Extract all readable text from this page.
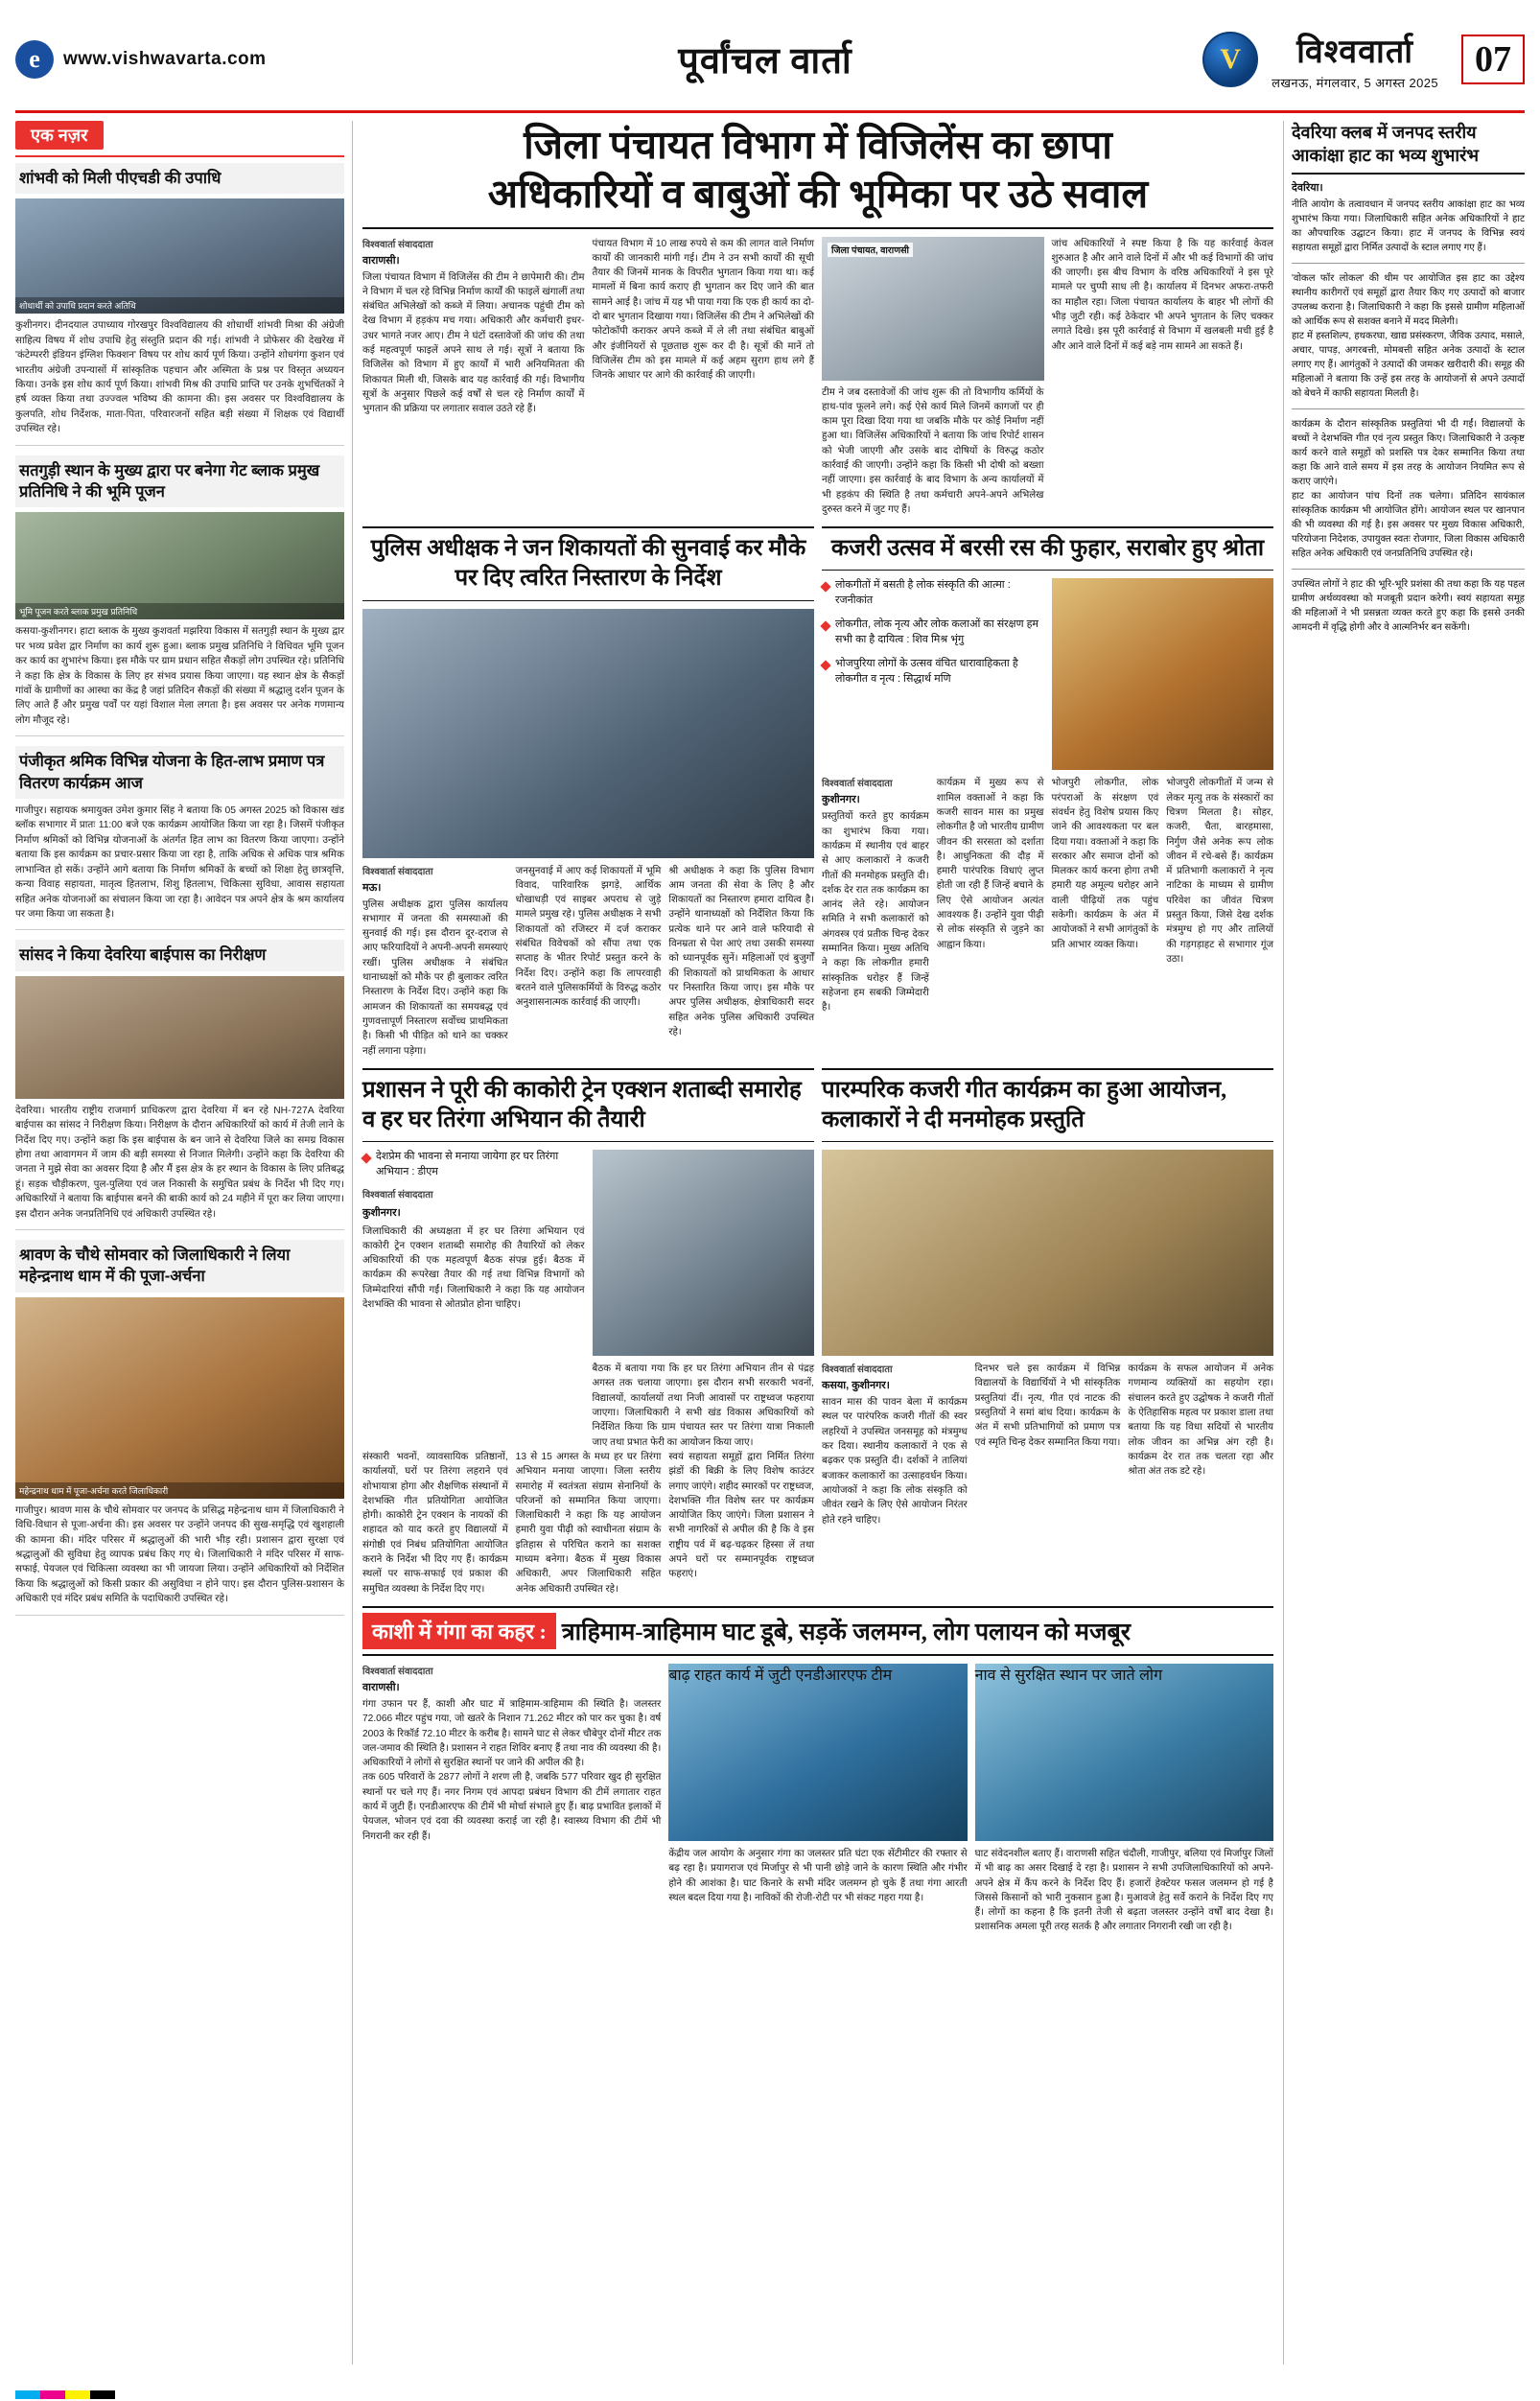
e	www.vishwavarta.com	पूर्वांचल वार्ता	V	विश्ववार्ता
लखनऊ, मंगलवार, 5 अगस्त 2025
07
एक नज़र
शांभवी को मिली पीएचडी की उपाधि
शोधार्थी को उपाधि प्रदान करते अतिथि
कुशीनगर। दीनदयाल उपाध्याय गोरखपुर विश्वविद्यालय की शोधार्थी शांभवी मिश्रा की अंग्रेजी साहित्य विषय में शोध उपाधि हेतु संस्तुति प्रदान की गई। शांभवी ने प्रोफेसर की देखरेख में 'कंटेम्पररी इंडियन इंग्लिश फिक्शन' विषय पर शोध कार्य पूर्ण किया। उन्होंने शोधगंगा कुशन एवं भारतीय अंग्रेजी उपन्यासों में सांस्कृतिक पहचान और अस्मिता के प्रश्न पर विस्तृत अध्ययन किया। उनके इस शोध कार्य पूर्ण किया। शांभवी मिश्र की उपाधि प्राप्ति पर उनके शुभचिंतकों ने हर्ष व्यक्त किया तथा उज्ज्वल भविष्य की कामना की। इस अवसर पर विश्वविद्यालय के कुलपति, शोध निर्देशक, माता-पिता, परिवारजनों सहित बड़ी संख्या में शिक्षक एवं विद्यार्थी उपस्थित रहे।
सतगुड़ी स्थान के मुख्य द्वारा पर बनेगा गेट ब्लाक प्रमुख प्रतिनिधि ने की भूमि पूजन
भूमि पूजन करते ब्लाक प्रमुख प्रतिनिधि
कसया-कुशीनगर। हाटा ब्लाक के मुख्य कुशवर्ता मझरिया विकास में सतगुड़ी स्थान के मुख्य द्वार पर भव्य प्रवेश द्वार निर्माण का कार्य शुरू हुआ। ब्लाक प्रमुख प्रतिनिधि ने विधिवत भूमि पूजन कर कार्य का शुभारंभ किया। इस मौके पर ग्राम प्रधान सहित सैकड़ों लोग उपस्थित रहे। प्रतिनिधि ने कहा कि क्षेत्र के विकास के लिए हर संभव प्रयास किया जाएगा। यह स्थान क्षेत्र के सैकड़ों गांवों के ग्रामीणों का आस्था का केंद्र है जहां प्रतिदिन सैकड़ों की संख्या में श्रद्धालु दर्शन पूजन के लिए आते हैं और प्रमुख पर्वों पर यहां विशाल मेला लगता है। इस अवसर पर अनेक गणमान्य लोग मौजूद रहे।
पंजीकृत श्रमिक विभिन्न योजना के हित-लाभ प्रमाण पत्र वितरण कार्यक्रम आज
गाजीपुर। सहायक श्रमायुक्त उमेश कुमार सिंह ने बताया कि 05 अगस्त 2025 को विकास खंड ब्लॉक सभागार में प्रातः 11:00 बजे एक कार्यक्रम आयोजित किया जा रहा है। जिसमें पंजीकृत निर्माण श्रमिकों को विभिन्न योजनाओं के अंतर्गत हित लाभ का वितरण किया जाएगा। उन्होंने बताया कि इस कार्यक्रम का प्रचार-प्रसार किया जा रहा है, ताकि अधिक से अधिक पात्र श्रमिक लाभान्वित हो सकें। उन्होंने आगे बताया कि निर्माण श्रमिकों के बच्चों को शिक्षा हेतु छात्रवृत्ति, कन्या विवाह सहायता, मातृत्व हितलाभ, शिशु हितलाभ, चिकित्सा सुविधा, आवास सहायता सहित अनेक योजनाओं का संचालन किया जा रहा है। आवेदन पत्र अपने क्षेत्र के श्रम कार्यालय पर जमा किया जा सकता है।
सांसद ने किया देवरिया बाईपास का निरीक्षण
देवरिया। भारतीय राष्ट्रीय राजमार्ग प्राधिकरण द्वारा देवरिया में बन रहे NH-727A देवरिया बाईपास का सांसद ने निरीक्षण किया। निरीक्षण के दौरान अधिकारियों को कार्य में तेजी लाने के निर्देश दिए गए। उन्होंने कहा कि इस बाईपास के बन जाने से देवरिया जिले का समग्र विकास होगा तथा आवागमन में जाम की बड़ी समस्या से निजात मिलेगी। उन्होंने कहा कि देवरिया की जनता ने मुझे सेवा का अवसर दिया है और मैं इस क्षेत्र के हर स्थान के विकास के लिए प्रतिबद्ध हूं। सड़क चौड़ीकरण, पुल-पुलिया एवं जल निकासी के समुचित प्रबंध के निर्देश भी दिए गए। अधिकारियों ने बताया कि बाईपास बनने की बाकी कार्य को 24 महीने में पूरा कर लिया जाएगा। इस दौरान अनेक जनप्रतिनिधि एवं अधिकारी उपस्थित रहे।
श्रावण के चौथे सोमवार को जिलाधिकारी ने लिया महेन्द्रनाथ धाम में की पूजा-अर्चना
महेन्द्रनाथ धाम में पूजा-अर्चना करते जिलाधिकारी
गाजीपुर। श्रावण मास के चौथे सोमवार पर जनपद के प्रसिद्ध महेन्द्रनाथ धाम में जिलाधिकारी ने विधि-विधान से पूजा-अर्चना की। इस अवसर पर उन्होंने जनपद की सुख-समृद्धि एवं खुशहाली की कामना की। मंदिर परिसर में श्रद्धालुओं की भारी भीड़ रही। प्रशासन द्वारा सुरक्षा एवं श्रद्धालुओं की सुविधा हेतु व्यापक प्रबंध किए गए थे। जिलाधिकारी ने मंदिर परिसर में साफ-सफाई, पेयजल एवं चिकित्सा व्यवस्था का भी जायजा लिया। उन्होंने अधिकारियों को निर्देशित किया कि श्रद्धालुओं को किसी प्रकार की असुविधा न होने पाए। इस दौरान पुलिस-प्रशासन के अधिकारी एवं मंदिर प्रबंध समिति के पदाधिकारी उपस्थित रहे।
जिला पंचायत विभाग में विजिलेंस का छापा
अधिकारियों व बाबुओं की भूमिका पर उठे सवाल
विश्ववार्ता संवाददाता
वाराणसी।
जिला पंचायत विभाग में विजिलेंस की टीम ने छापेमारी की। टीम ने विभाग में चल रहे विभिन्न निर्माण कार्यों की फाइलें खंगालीं तथा संबंधित अभिलेखों को कब्जे में लिया। अचानक पहुंची टीम को देख विभाग में हड़कंप मच गया। अधिकारी और कर्मचारी इधर-उधर भागते नजर आए। टीम ने घंटों दस्तावेजों की जांच की तथा कई महत्वपूर्ण फाइलें अपने साथ ले गई। सूत्रों ने बताया कि विजिलेंस को विभाग में हुए कार्यों में भारी अनियमितता की शिकायत मिली थी, जिसके बाद यह कार्रवाई की गई। विभागीय सूत्रों के अनुसार पिछले कई वर्षों से चल रहे निर्माण कार्यों में भुगतान की प्रक्रिया पर लगातार सवाल उठते रहे हैं।
पंचायत विभाग में 10 लाख रुपये से कम की लागत वाले निर्माण कार्यों की जानकारी मांगी गई। टीम ने उन सभी कार्यों की सूची तैयार की जिनमें मानक के विपरीत भुगतान किया गया था। कई मामलों में बिना कार्य कराए ही भुगतान कर दिए जाने की बात सामने आई है। जांच में यह भी पाया गया कि एक ही कार्य का दो-दो बार भुगतान दिखाया गया। विजिलेंस की टीम ने अभिलेखों की फोटोकॉपी कराकर अपने कब्जे में ले ली तथा संबंधित बाबुओं और इंजीनियरों से पूछताछ शुरू कर दी है। सूत्रों की मानें तो विजिलेंस टीम को इस मामले में कई अहम सुराग हाथ लगे हैं जिनके आधार पर आगे की कार्रवाई की जाएगी।
जिला पंचायत, वाराणसी
टीम ने जब दस्तावेजों की जांच शुरू की तो विभागीय कर्मियों के हाथ-पांव फूलने लगे। कई ऐसे कार्य मिले जिनमें कागजों पर ही काम पूरा दिखा दिया गया था जबकि मौके पर कोई निर्माण नहीं हुआ था। विजिलेंस अधिकारियों ने बताया कि जांच रिपोर्ट शासन को भेजी जाएगी और उसके बाद दोषियों के विरुद्ध कठोर कार्रवाई की जाएगी। उन्होंने कहा कि किसी भी दोषी को बख्शा नहीं जाएगा। इस कार्रवाई के बाद विभाग के अन्य कार्यालयों में भी हड़कंप की स्थिति है तथा कर्मचारी अपने-अपने अभिलेख दुरुस्त करने में जुट गए हैं।
जांच अधिकारियों ने स्पष्ट किया है कि यह कार्रवाई केवल शुरुआत है और आने वाले दिनों में और भी कई विभागों की जांच की जाएगी। इस बीच विभाग के वरिष्ठ अधिकारियों ने इस पूरे मामले पर चुप्पी साध ली है। कार्यालय में दिनभर अफरा-तफरी का माहौल रहा। जिला पंचायत कार्यालय के बाहर भी लोगों की भीड़ जुटी रही। कई ठेकेदार भी अपने भुगतान के लिए चक्कर लगाते दिखे। इस पूरी कार्रवाई से विभाग में खलबली मची हुई है और आने वाले दिनों में कई बड़े नाम सामने आ सकते हैं।
पुलिस अधीक्षक ने जन शिकायतों की सुनवाई कर मौके पर दिए त्वरित निस्तारण के निर्देश
विश्ववार्ता संवाददाता
मऊ।
पुलिस अधीक्षक द्वारा पुलिस कार्यालय सभागार में जनता की समस्याओं की सुनवाई की गई। इस दौरान दूर-दराज से आए फरियादियों ने अपनी-अपनी समस्याएं रखीं। पुलिस अधीक्षक ने संबंधित थानाध्यक्षों को मौके पर ही बुलाकर त्वरित निस्तारण के निर्देश दिए। उन्होंने कहा कि आमजन की शिकायतों का समयबद्ध एवं गुणवत्तापूर्ण निस्तारण सर्वोच्च प्राथमिकता है। किसी भी पीड़ित को थाने का चक्कर नहीं लगाना पड़ेगा।
जनसुनवाई में आए कई शिकायतों में भूमि विवाद, पारिवारिक झगड़े, आर्थिक धोखाधड़ी एवं साइबर अपराध से जुड़े मामले प्रमुख रहे। पुलिस अधीक्षक ने सभी शिकायतों को रजिस्टर में दर्ज कराकर संबंधित विवेचकों को सौंपा तथा एक सप्ताह के भीतर रिपोर्ट प्रस्तुत करने के निर्देश दिए। उन्होंने कहा कि लापरवाही बरतने वाले पुलिसकर्मियों के विरुद्ध कठोर अनुशासनात्मक कार्रवाई की जाएगी।
श्री अधीक्षक ने कहा कि पुलिस विभाग आम जनता की सेवा के लिए है और शिकायतों का निस्तारण हमारा दायित्व है। उन्होंने थानाध्यक्षों को निर्देशित किया कि प्रत्येक थाने पर आने वाले फरियादी से विनम्रता से पेश आएं तथा उसकी समस्या को ध्यानपूर्वक सुनें। महिलाओं एवं बुजुर्गों की शिकायतों को प्राथमिकता के आधार पर निस्तारित किया जाए। इस मौके पर अपर पुलिस अधीक्षक, क्षेत्राधिकारी सदर सहित अनेक पुलिस अधिकारी उपस्थित रहे।
कजरी उत्सव में बरसी रस की फुहार, सराबोर हुए श्रोता
लोकगीतों में बसती है लोक संस्कृति की आत्मा : रजनीकांत
लोकगीत, लोक नृत्य और लोक कलाओं का संरक्षण हम सभी का है दायित्व : शिव मिश्र भृंगु
भोजपुरिया लोगों के उत्सव वंचित धारावाहिकता है लोकगीत व नृत्य : सिद्धार्थ मणि
विश्ववार्ता संवाददाता
कुशीनगर।
प्रस्तुतियों करते हुए कार्यक्रम का शुभारंभ किया गया। कार्यक्रम में स्थानीय एवं बाहर से आए कलाकारों ने कजरी गीतों की मनमोहक प्रस्तुति दी। दर्शक देर रात तक कार्यक्रम का आनंद लेते रहे। आयोजन समिति ने सभी कलाकारों को अंगवस्त्र एवं प्रतीक चिन्ह देकर सम्मानित किया। मुख्य अतिथि ने कहा कि लोकगीत हमारी सांस्कृतिक धरोहर हैं जिन्हें सहेजना हम सबकी जिम्मेदारी है।
कार्यक्रम में मुख्य रूप से शामिल वक्ताओं ने कहा कि कजरी सावन मास का प्रमुख लोकगीत है जो भारतीय ग्रामीण जीवन की सरसता को दर्शाता है। आधुनिकता की दौड़ में हमारी पारंपरिक विधाएं लुप्त होती जा रही हैं जिन्हें बचाने के लिए ऐसे आयोजन अत्यंत आवश्यक हैं। उन्होंने युवा पीढ़ी से लोक संस्कृति से जुड़ने का आह्वान किया।
भोजपुरी लोकगीत, लोक परंपराओं के संरक्षण एवं संवर्धन हेतु विशेष प्रयास किए जाने की आवश्यकता पर बल दिया गया। वक्ताओं ने कहा कि सरकार और समाज दोनों को मिलकर कार्य करना होगा तभी हमारी यह अमूल्य धरोहर आने वाली पीढ़ियों तक पहुंच सकेगी। कार्यक्रम के अंत में आयोजकों ने सभी आगंतुकों के प्रति आभार व्यक्त किया।
भोजपुरी लोकगीतों में जन्म से लेकर मृत्यु तक के संस्कारों का चित्रण मिलता है। सोहर, कजरी, चैता, बारहमासा, निर्गुण जैसे अनेक रूप लोक जीवन में रचे-बसे हैं। कार्यक्रम में प्रतिभागी कलाकारों ने नृत्य नाटिका के माध्यम से ग्रामीण परिवेश का जीवंत चित्रण प्रस्तुत किया, जिसे देख दर्शक मंत्रमुग्ध हो गए और तालियों की गड़गड़ाहट से सभागार गूंज उठा।
प्रशासन ने पूरी की काकोरी ट्रेन एक्शन शताब्दी समारोह व हर घर तिरंगा अभियान की तैयारी
देशप्रेम की भावना से मनाया जायेगा हर घर तिरंगा अभियान : डीएम
विश्ववार्ता संवाददाता
कुशीनगर।
जिलाधिकारी की अध्यक्षता में हर घर तिरंगा अभियान एवं काकोरी ट्रेन एक्शन शताब्दी समारोह की तैयारियों को लेकर अधिकारियों की एक महत्वपूर्ण बैठक संपन्न हुई। बैठक में कार्यक्रम की रूपरेखा तैयार की गई तथा विभिन्न विभागों को जिम्मेदारियां सौंपी गईं। जिलाधिकारी ने कहा कि यह आयोजन देशभक्ति की भावना से ओतप्रोत होना चाहिए।
बैठक में बताया गया कि हर घर तिरंगा अभियान तीन से पंद्रह अगस्त तक चलाया जाएगा। इस दौरान सभी सरकारी भवनों, विद्यालयों, कार्यालयों तथा निजी आवासों पर राष्ट्रध्वज फहराया जाएगा। जिलाधिकारी ने सभी खंड विकास अधिकारियों को निर्देशित किया कि ग्राम पंचायत स्तर पर तिरंगा यात्रा निकाली जाए तथा प्रभात फेरी का आयोजन किया जाए।
संस्कारी भवनों, व्यावसायिक प्रतिष्ठानों, कार्यालयों, घरों पर तिरंगा लहराने एवं शोभायात्रा होगा और शैक्षणिक संस्थानों में देशभक्ति गीत प्रतियोगिता आयोजित होगी। काकोरी ट्रेन एक्शन के नायकों की शहादत को याद करते हुए विद्यालयों में संगोष्ठी एवं निबंध प्रतियोगिता आयोजित कराने के निर्देश भी दिए गए हैं। कार्यक्रम स्थलों पर साफ-सफाई एवं प्रकाश की समुचित व्यवस्था के निर्देश दिए गए।
13 से 15 अगस्त के मध्य हर घर तिरंगा अभियान मनाया जाएगा। जिला स्तरीय समारोह में स्वतंत्रता संग्राम सेनानियों के परिजनों को सम्मानित किया जाएगा। जिलाधिकारी ने कहा कि यह आयोजन हमारी युवा पीढ़ी को स्वाधीनता संग्राम के इतिहास से परिचित कराने का सशक्त माध्यम बनेगा। बैठक में मुख्य विकास अधिकारी, अपर जिलाधिकारी सहित अनेक अधिकारी उपस्थित रहे।
स्वयं सहायता समूहों द्वारा निर्मित तिरंगा झंडों की बिक्री के लिए विशेष काउंटर लगाए जाएंगे। शहीद स्मारकों पर राष्ट्रध्वज, देशभक्ति गीत विशेष स्तर पर कार्यक्रम आयोजित किए जाएंगे। जिला प्रशासन ने सभी नागरिकों से अपील की है कि वे इस राष्ट्रीय पर्व में बढ़-चढ़कर हिस्सा लें तथा अपने घरों पर सम्मानपूर्वक राष्ट्रध्वज फहराएं।
पारम्परिक कजरी गीत कार्यक्रम का हुआ आयोजन, कलाकारों ने दी मनमोहक प्रस्तुति
विश्ववार्ता संवाददाता
कसया, कुशीनगर।
सावन मास की पावन बेला में कार्यक्रम स्थल पर पारंपरिक कजरी गीतों की स्वर लहरियों ने उपस्थित जनसमूह को मंत्रमुग्ध कर दिया। स्थानीय कलाकारों ने एक से बढ़कर एक प्रस्तुति दी। दर्शकों ने तालियां बजाकर कलाकारों का उत्साहवर्धन किया। आयोजकों ने कहा कि लोक संस्कृति को जीवंत रखने के लिए ऐसे आयोजन निरंतर होते रहने चाहिए।
दिनभर चले इस कार्यक्रम में विभिन्न विद्यालयों के विद्यार्थियों ने भी सांस्कृतिक प्रस्तुतियां दीं। नृत्य, गीत एवं नाटक की प्रस्तुतियों ने समां बांध दिया। कार्यक्रम के अंत में सभी प्रतिभागियों को प्रमाण पत्र एवं स्मृति चिन्ह देकर सम्मानित किया गया।
कार्यक्रम के सफल आयोजन में अनेक गणमान्य व्यक्तियों का सहयोग रहा। संचालन करते हुए उद्घोषक ने कजरी गीतों के ऐतिहासिक महत्व पर प्रकाश डाला तथा बताया कि यह विधा सदियों से भारतीय लोक जीवन का अभिन्न अंग रही है। कार्यक्रम देर रात तक चलता रहा और श्रोता अंत तक डटे रहे।
काशी में गंगा का कहर : त्राहिमाम-त्राहिमाम घाट डूबे, सड़कें जलमग्न, लोग पलायन को मजबूर
विश्ववार्ता संवाददाता
वाराणसी।
गंगा उफान पर हैं, काशी और घाट में त्राहिमाम-त्राहिमाम की स्थिति है। जलस्तर 72.066 मीटर पहुंच गया, जो खतरे के निशान 71.262 मीटर को पार कर चुका है। वर्ष 2003 के रिकॉर्ड 72.10 मीटर के करीब है। सामने घाट से लेकर चौबेपुर दोनों मीटर तक जल-जमाव की स्थिति है। प्रशासन ने राहत शिविर बनाए हैं तथा नाव की व्यवस्था की है। अधिकारियों ने लोगों से सुरक्षित स्थानों पर जाने की अपील की है।
तक 605 परिवारों के 2877 लोगों ने शरण ली है, जबकि 577 परिवार खुद ही सुरक्षित स्थानों पर चले गए हैं। नगर निगम एवं आपदा प्रबंधन विभाग की टीमें लगातार राहत कार्य में जुटी हैं। एनडीआरएफ की टीमें भी मोर्चा संभाले हुए हैं। बाढ़ प्रभावित इलाकों में पेयजल, भोजन एवं दवा की व्यवस्था कराई जा रही है। स्वास्थ्य विभाग की टीमें भी निगरानी कर रही हैं।
बाढ़ राहत कार्य में जुटी एनडीआरएफ टीम
केंद्रीय जल आयोग के अनुसार गंगा का जलस्तर प्रति घंटा एक सेंटीमीटर की रफ्तार से बढ़ रहा है। प्रयागराज एवं मिर्जापुर से भी पानी छोड़े जाने के कारण स्थिति और गंभीर होने की आशंका है। घाट किनारे के सभी मंदिर जलमग्न हो चुके हैं तथा गंगा आरती स्थल बदल दिया गया है। नाविकों की रोजी-रोटी पर भी संकट गहरा गया है।
नाव से सुरक्षित स्थान पर जाते लोग
घाट संवेदनशील बताए हैं। वाराणसी सहित चंदौली, गाजीपुर, बलिया एवं मिर्जापुर जिलों में भी बाढ़ का असर दिखाई दे रहा है। प्रशासन ने सभी उपजिलाधिकारियों को अपने-अपने क्षेत्र में कैंप करने के निर्देश दिए हैं। हजारों हेक्टेयर फसल जलमग्न हो गई है जिससे किसानों को भारी नुकसान हुआ है। मुआवजे हेतु सर्वे कराने के निर्देश दिए गए हैं। लोगों का कहना है कि इतनी तेजी से बढ़ता जलस्तर उन्होंने वर्षों बाद देखा है। प्रशासनिक अमला पूरी तरह सतर्क है और लगातार निगरानी रखी जा रही है।
देवरिया क्लब में जनपद स्तरीय आकांक्षा हाट का भव्य शुभारंभ
देवरिया।
नीति आयोग के तत्वावधान में जनपद स्तरीय आकांक्षा हाट का भव्य शुभारंभ किया गया। जिलाधिकारी सहित अनेक अधिकारियों ने हाट का औपचारिक उद्घाटन किया। हाट में जनपद के विभिन्न स्वयं सहायता समूहों द्वारा निर्मित उत्पादों के स्टाल लगाए गए हैं।
'वोकल फॉर लोकल' की थीम पर आयोजित इस हाट का उद्देश्य स्थानीय कारीगरों एवं समूहों द्वारा तैयार किए गए उत्पादों को बाजार उपलब्ध कराना है। जिलाधिकारी ने कहा कि इससे ग्रामीण महिलाओं को आर्थिक रूप से सशक्त बनाने में मदद मिलेगी।
हाट में हस्तशिल्प, हथकरघा, खाद्य प्रसंस्करण, जैविक उत्पाद, मसाले, अचार, पापड़, अगरबत्ती, मोमबत्ती सहित अनेक उत्पादों के स्टाल लगाए गए हैं। आगंतुकों ने उत्पादों की जमकर खरीदारी की। समूह की महिलाओं ने बताया कि उन्हें इस तरह के आयोजनों से अपने उत्पादों को बेचने में काफी सहायता मिलती है।
कार्यक्रम के दौरान सांस्कृतिक प्रस्तुतियां भी दी गईं। विद्यालयों के बच्चों ने देशभक्ति गीत एवं नृत्य प्रस्तुत किए। जिलाधिकारी ने उत्कृष्ट कार्य करने वाले समूहों को प्रशस्ति पत्र देकर सम्मानित किया तथा कहा कि आने वाले समय में इस तरह के आयोजन नियमित रूप से कराए जाएंगे।
हाट का आयोजन पांच दिनों तक चलेगा। प्रतिदिन सायंकाल सांस्कृतिक कार्यक्रम भी आयोजित होंगे। आयोजन स्थल पर खानपान की भी व्यवस्था की गई है। इस अवसर पर मुख्य विकास अधिकारी, परियोजना निदेशक, उपायुक्त स्वतः रोजगार, जिला विकास अधिकारी सहित अनेक अधिकारी एवं जनप्रतिनिधि उपस्थित रहे।
उपस्थित लोगों ने हाट की भूरि-भूरि प्रशंसा की तथा कहा कि यह पहल ग्रामीण अर्थव्यवस्था को मजबूती प्रदान करेगी। स्वयं सहायता समूह की महिलाओं ने भी प्रसन्नता व्यक्त करते हुए कहा कि इससे उनकी आमदनी में वृद्धि होगी और वे आत्मनिर्भर बन सकेंगी।
